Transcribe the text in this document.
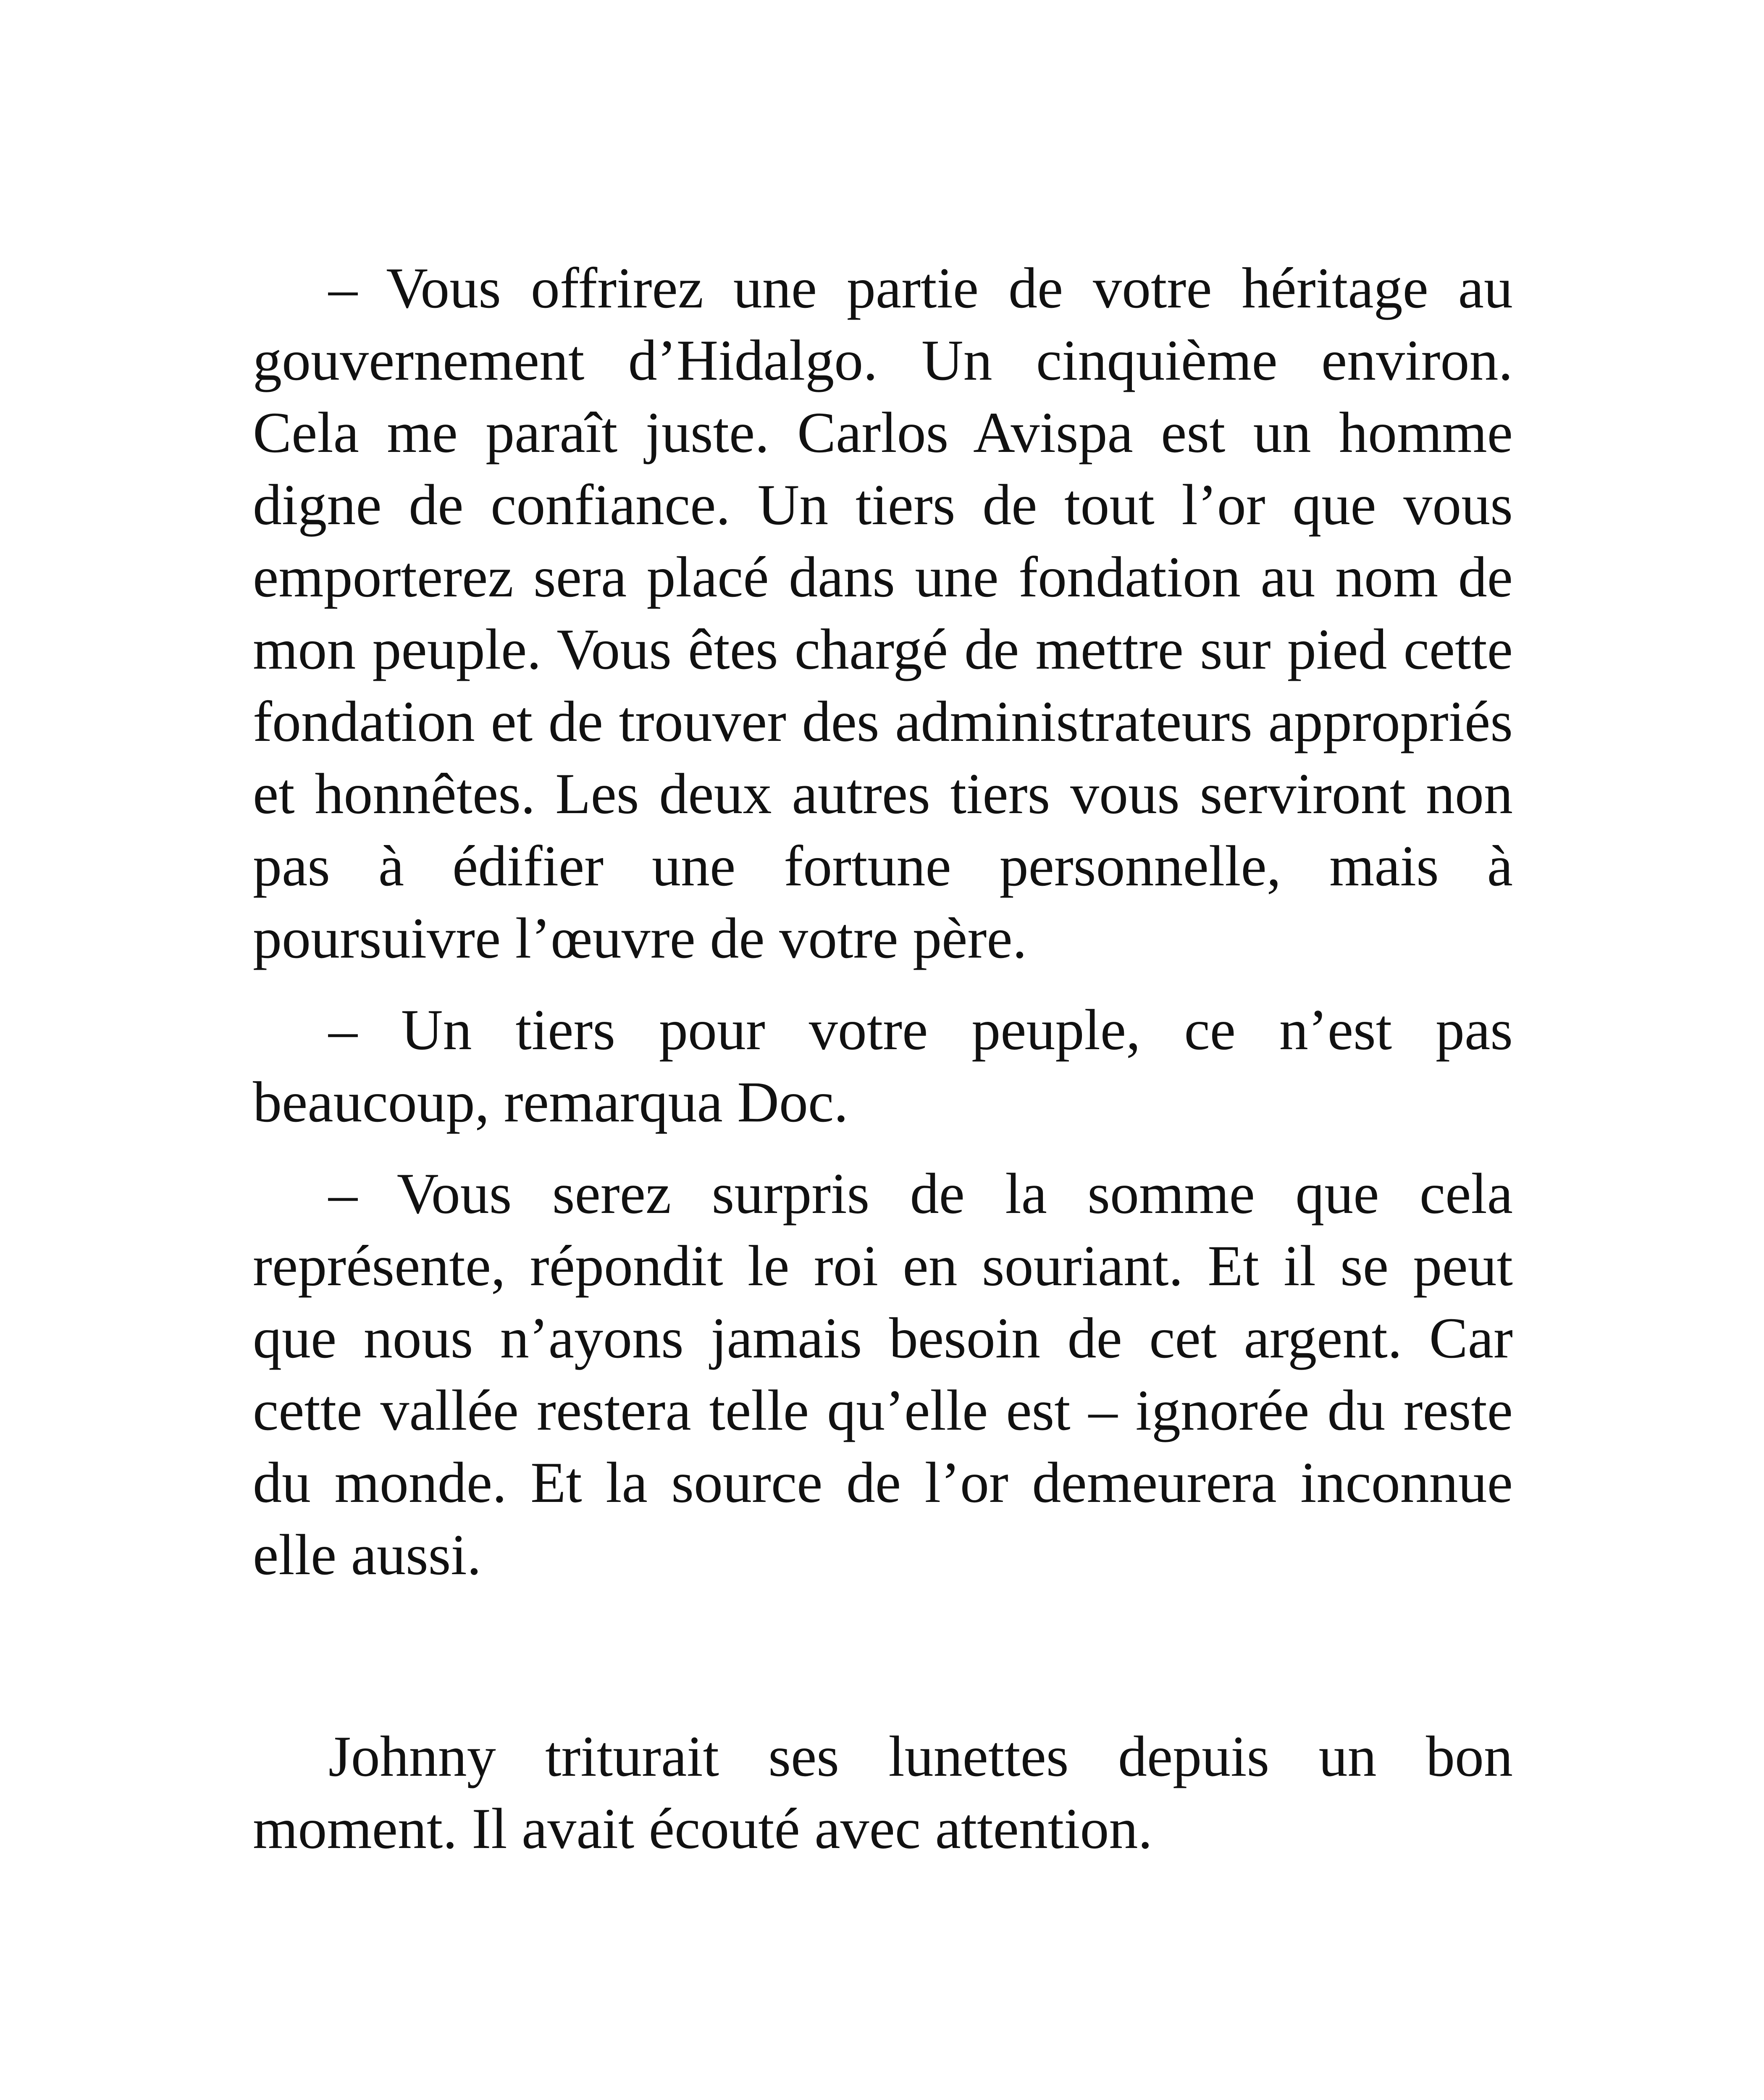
– Vous offrirez une partie de votre héritage au gouvernement d’Hidalgo. Un cinquième environ. Cela me paraît juste. Carlos Avispa est un homme digne de confiance. Un tiers de tout l’or que vous emporterez sera placé dans une fondation au nom de mon peuple. Vous êtes chargé de mettre sur pied cette fondation et de trouver des administrateurs appropriés et honnêtes. Les deux autres tiers vous serviront non pas à édifier une fortune personnelle, mais à poursuivre l’œuvre de votre père.

– Un tiers pour votre peuple, ce n’est pas beaucoup, remarqua Doc.

– Vous serez surpris de la somme que cela représente, répondit le roi en souriant. Et il se peut que nous n’ayons jamais besoin de cet argent. Car cette vallée restera telle qu’elle est – ignorée du reste du monde. Et la source de l’or demeurera inconnue elle aussi.

Johnny triturait ses lunettes depuis un bon moment. Il avait écouté avec attention.
